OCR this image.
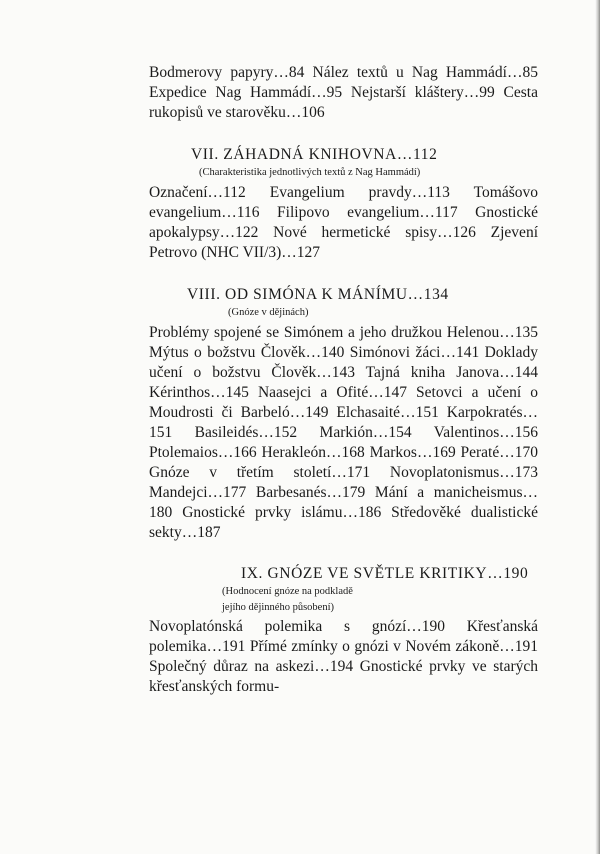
Bodmerovy papyry…84 Nález textů u Nag Hammádí…85 Expedice Nag Hammádí…95 Nejstarší kláštery…99 Cesta rukopisů ve starověku…106

VII. ZÁHADNÁ KNIHOVNA…112
(Charakteristika jednotlivých textů z Nag Hammádí)

Označení…112 Evangelium pravdy…113 Tomášovo evangelium…116 Filipovo evangelium…117 Gnostické apokalypsy…122 Nové hermetické spisy…126 Zjevení Petrovo (NHC VII/3)…127

VIII. OD SIMÓNA K MÁNÍMU…134
(Gnóze v dějinách)

Problémy spojené se Simónem a jeho družkou Helenou…135 Mýtus o božstvu Člověk…140 Simónovi žáci…141 Doklady učení o božstvu Člověk…143 Tajná kniha Janova…144 Kérinthos…145 Naasejci a Ofité…147 Setovci a učení o Moudrosti či Barbeló…149 Elchasaité…151 Karpokratés…151 Basileidés…152 Markión…154 Valentinos…156 Ptolemaios…166 Herakleón…168 Markos…169 Peraté…170 Gnóze v třetím století…171 Novoplatonismus…173 Mandejci…177 Barbesanés…179 Mání a manicheismus…180 Gnostické prvky islámu…186 Středověké dualistické sekty…187

IX. GNÓZE VE SVĚTLE KRITIKY…190
(Hodnocení gnóze na podkladě
jejího dějinného působení)

Novoplatónská polemika s gnózí…190 Křesťanská polemika…191 Přímé zmínky o gnózi v Novém zákoně…191 Společný důraz na askezi…194 Gnostické prvky ve starých křesťanských formu-
